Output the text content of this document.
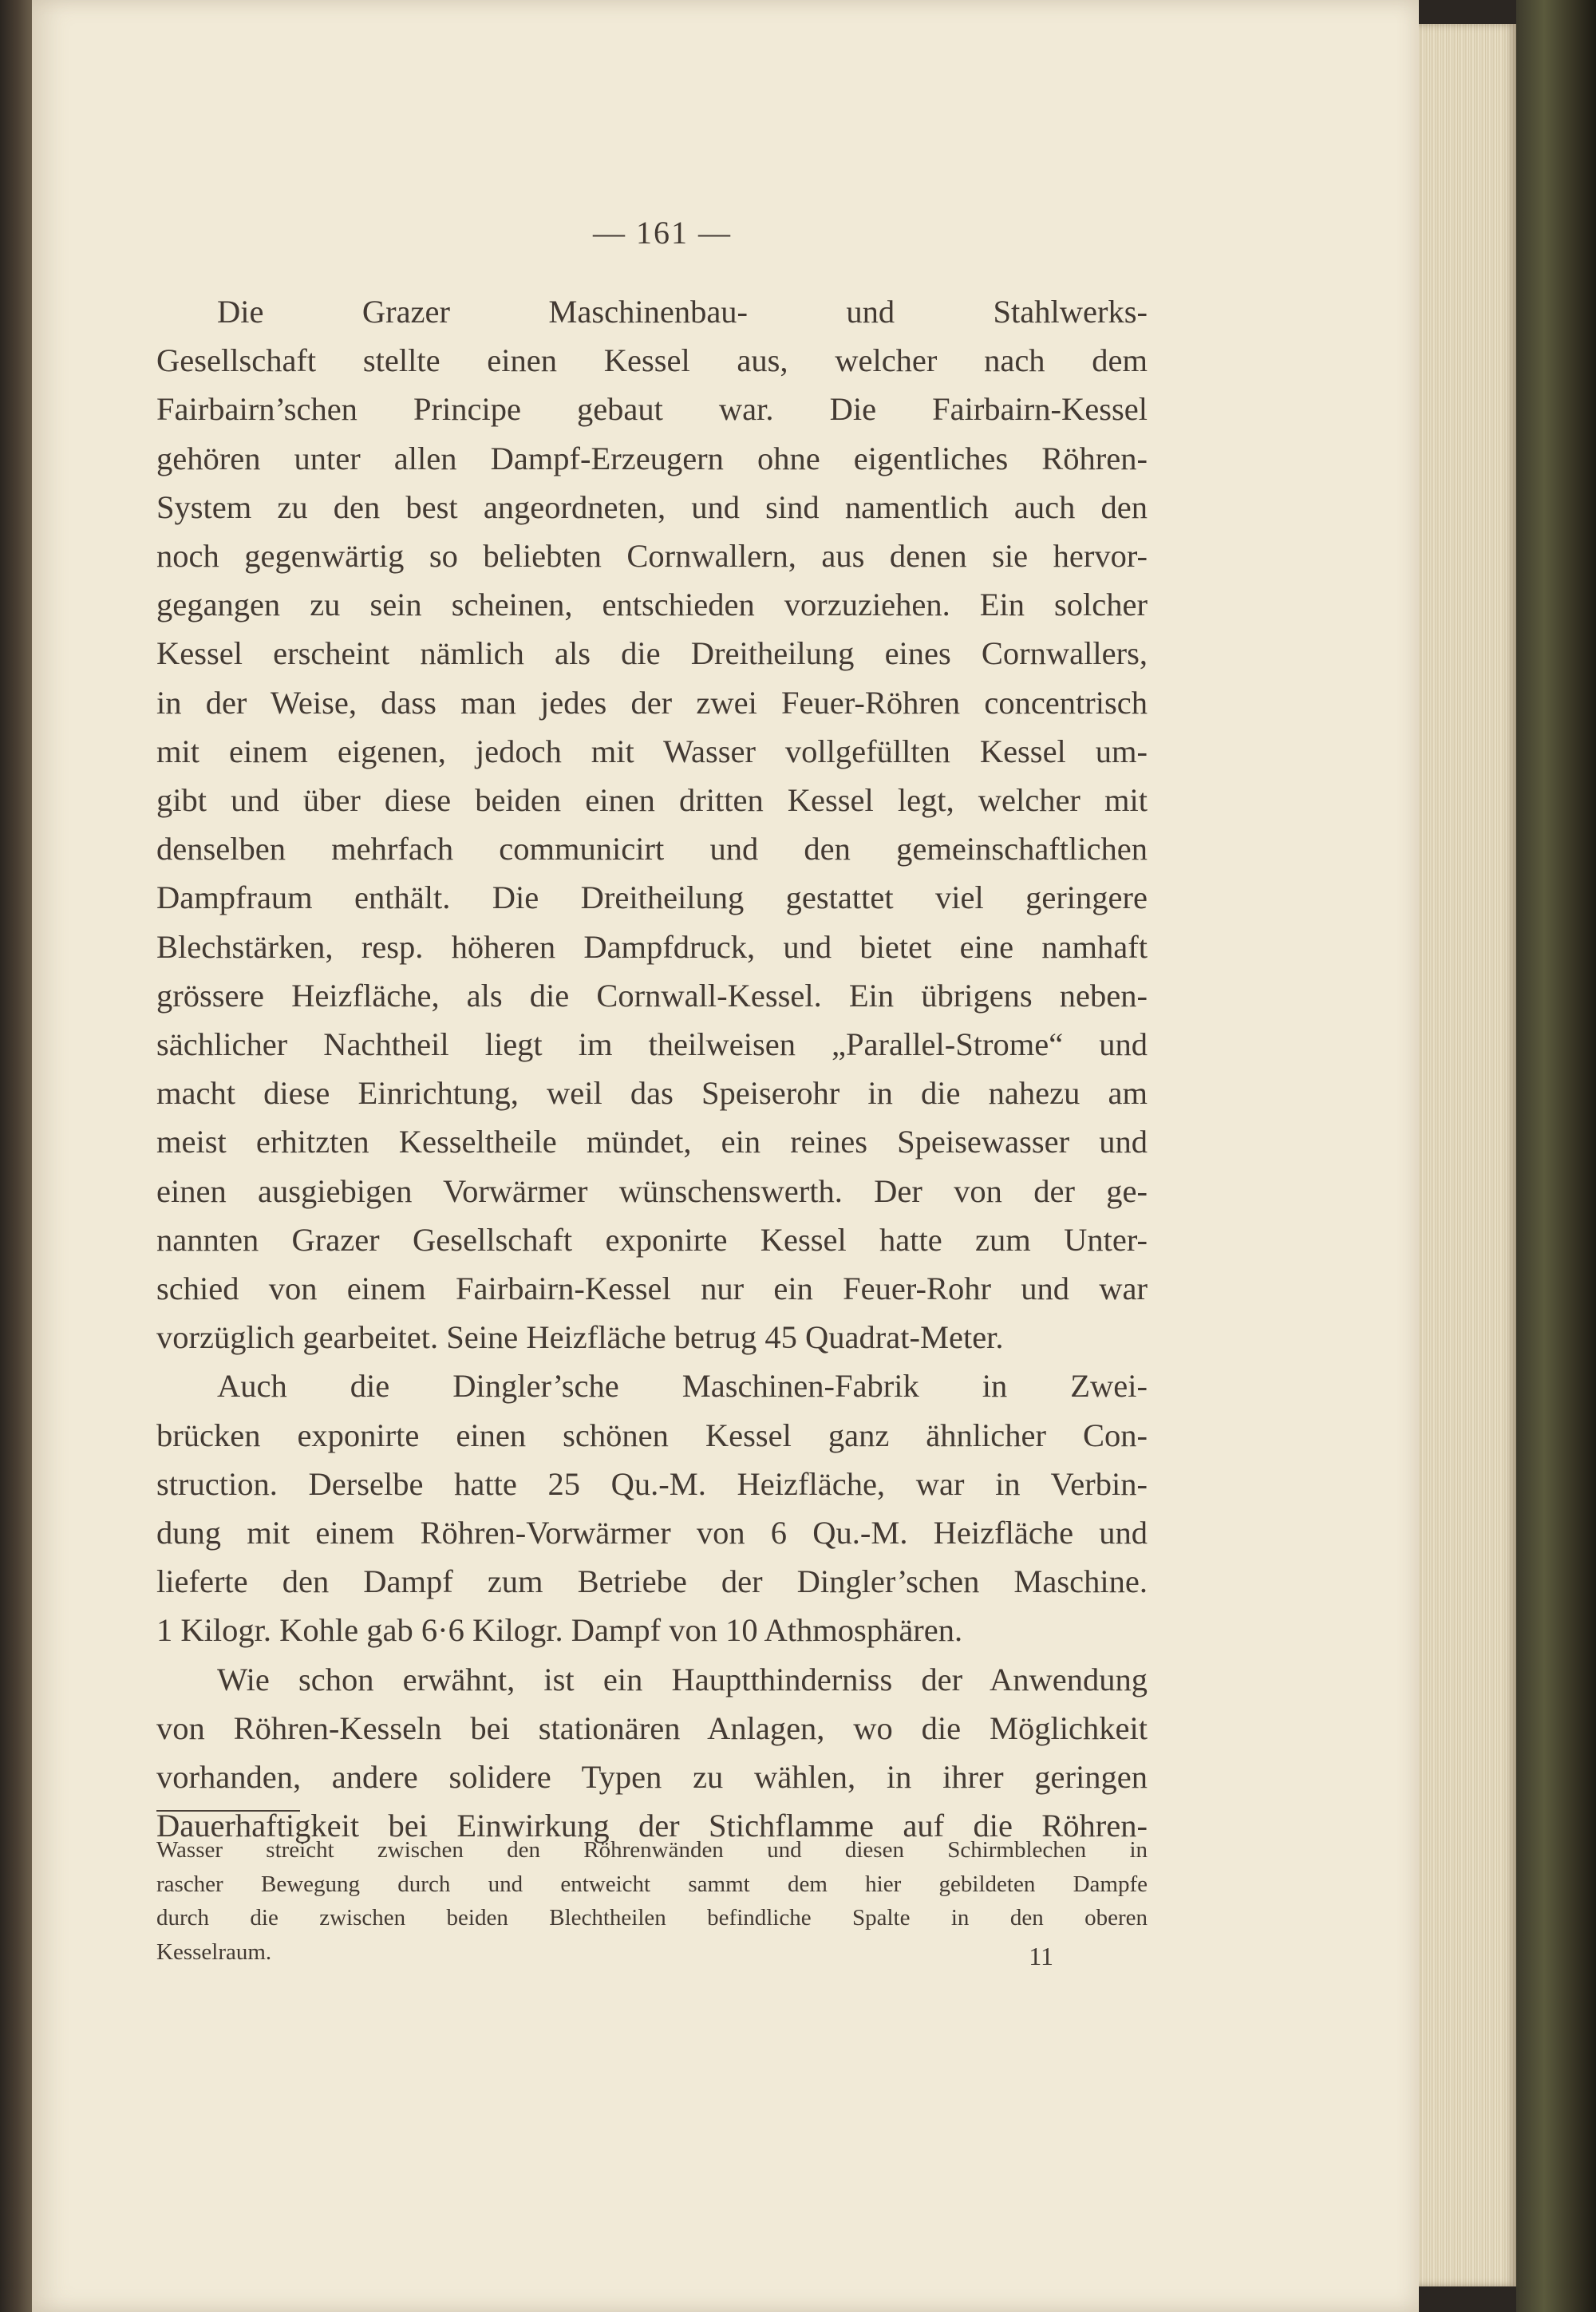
— 161 —

Die Grazer Maschinenbau- und Stahlwerks-

Gesellschaft stellte einen Kessel aus, welcher nach dem

Fairbairn’schen Principe gebaut war. Die Fairbairn-Kessel

gehören unter allen Dampf-Erzeugern ohne eigentliches Röhren-

System zu den best angeordneten, und sind namentlich auch den

noch gegenwärtig so beliebten Cornwallern, aus denen sie hervor-

gegangen zu sein scheinen, entschieden vorzuziehen. Ein solcher

Kessel erscheint nämlich als die Dreitheilung eines Cornwallers,

in der Weise, dass man jedes der zwei Feuer-Röhren concentrisch

mit einem eigenen, jedoch mit Wasser vollgefüllten Kessel um-

gibt und über diese beiden einen dritten Kessel legt, welcher mit

denselben mehrfach communicirt und den gemeinschaftlichen

Dampfraum enthält. Die Dreitheilung gestattet viel geringere

Blechstärken, resp. höheren Dampfdruck, und bietet eine namhaft

grössere Heizfläche, als die Cornwall-Kessel. Ein übrigens neben-

sächlicher Nachtheil liegt im theilweisen „Parallel-Strome“ und

macht diese Einrichtung, weil das Speiserohr in die nahezu am

meist erhitzten Kesseltheile mündet, ein reines Speisewasser und

einen ausgiebigen Vorwärmer wünschenswerth. Der von der ge-

nannten Grazer Gesellschaft exponirte Kessel hatte zum Unter-

schied von einem Fairbairn-Kessel nur ein Feuer-Rohr und war

vorzüglich gearbeitet. Seine Heizfläche betrug 45 Quadrat-Meter.

Auch die Dingler’sche Maschinen-Fabrik in Zwei-

brücken exponirte einen schönen Kessel ganz ähnlicher Con-

struction. Derselbe hatte 25 Qu.-M. Heizfläche, war in Verbin-

dung mit einem Röhren-Vorwärmer von 6 Qu.-M. Heizfläche und

lieferte den Dampf zum Betriebe der Dingler’schen Maschine.

1 Kilogr. Kohle gab 6·6 Kilogr. Dampf von 10 Athmosphären.

Wie schon erwähnt, ist ein Hauptthinderniss der Anwendung

von Röhren-Kesseln bei stationären Anlagen, wo die Möglichkeit

vorhanden, andere solidere Typen zu wählen, in ihrer geringen

Dauerhaftigkeit bei Einwirkung der Stichflamme auf die Röhren-

Wasser streicht zwischen den Röhrenwänden und diesen Schirmblechen in

rascher Bewegung durch und entweicht sammt dem hier gebildeten Dampfe

durch die zwischen beiden Blechtheilen befindliche Spalte in den oberen

Kesselraum.	11
